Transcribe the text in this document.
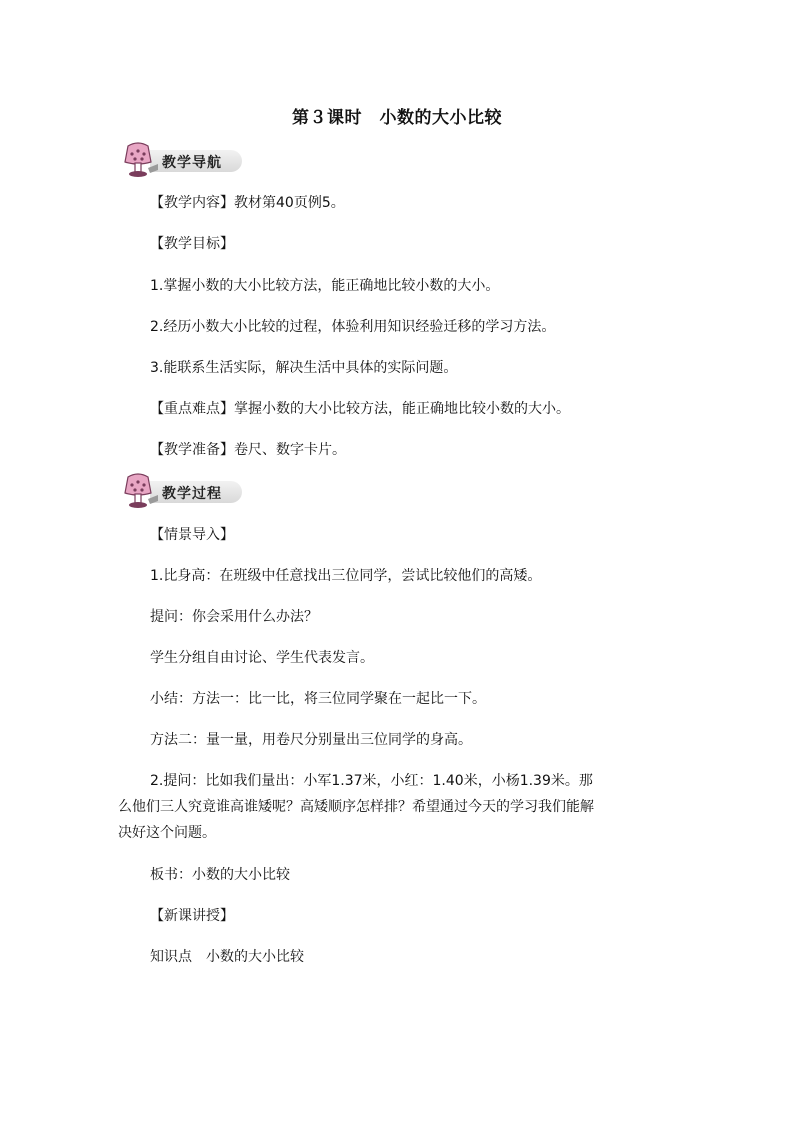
第３课时　小数的大小比较
教学导航
【教学内容】教材第40页例5。
【教学目标】
1.掌握小数的大小比较方法，能正确地比较小数的大小。
2.经历小数大小比较的过程，体验利用知识经验迁移的学习方法。
3.能联系生活实际，解决生活中具体的实际问题。
【重点难点】掌握小数的大小比较方法，能正确地比较小数的大小。
【教学准备】卷尺、数字卡片。
教学过程
【情景导入】
1.比身高：在班级中任意找出三位同学，尝试比较他们的高矮。
提问：你会采用什么办法？
学生分组自由讨论、学生代表发言。
小结：方法一：比一比，将三位同学聚在一起比一下。
方法二：量一量，用卷尺分别量出三位同学的身高。
2.提问：比如我们量出：小军1.37米，小红：1.40米，小杨1.39米。那
么他们三人究竟谁高谁矮呢？高矮顺序怎样排？希望通过今天的学习我们能解
决好这个问题。
板书：小数的大小比较
【新课讲授】
知识点　小数的大小比较
